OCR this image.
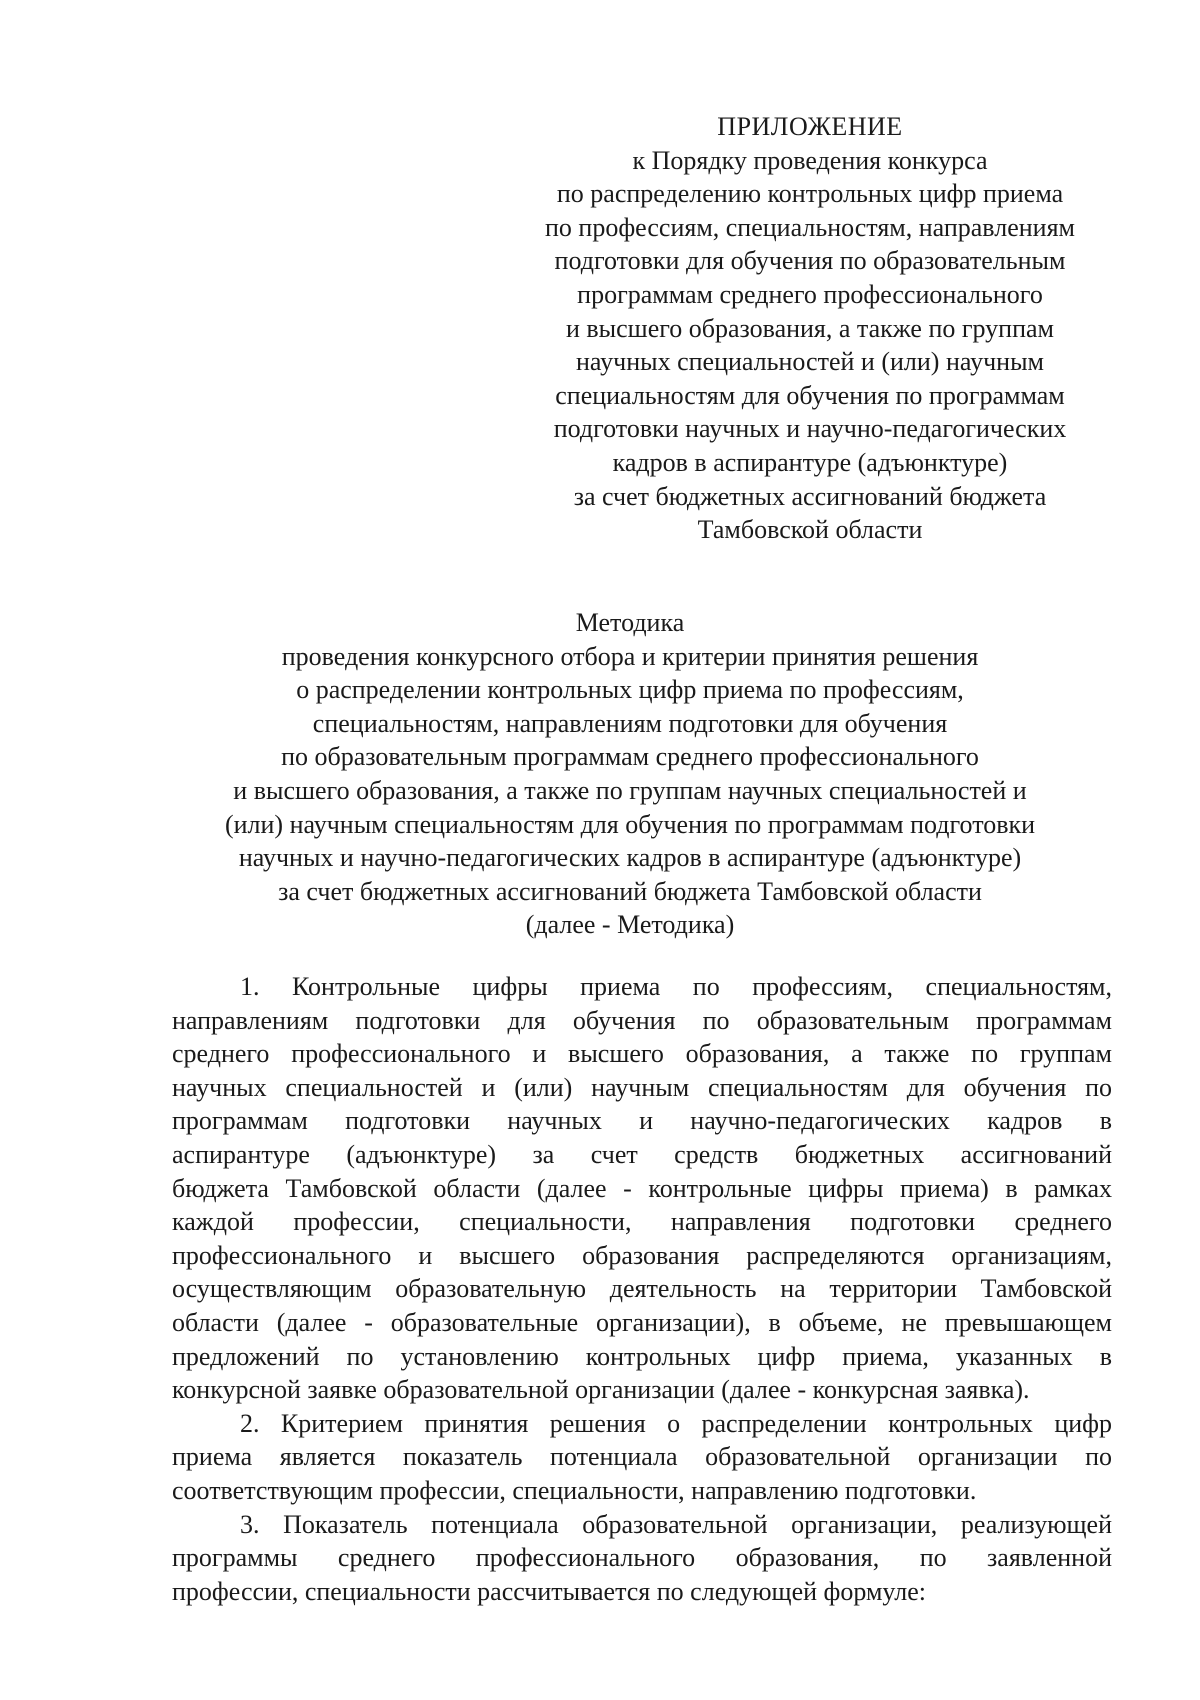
ПРИЛОЖЕНИЕ
к Порядку проведения конкурса
по распределению контрольных цифр приема
по профессиям, специальностям, направлениям
подготовки для обучения по образовательным
программам среднего профессионального
и высшего образования, а также по группам
научных специальностей и (или) научным
специальностям для обучения по программам
подготовки научных и научно-педагогических
кадров в аспирантуре (адъюнктуре)
за счет бюджетных ассигнований бюджета
Тамбовской области
Методика
проведения конкурсного отбора и критерии принятия решения
о распределении контрольных цифр приема по профессиям,
специальностям, направлениям подготовки для обучения
по образовательным программам среднего профессионального
и высшего образования, а также по группам научных специальностей и
(или) научным специальностям для обучения по программам подготовки
научных и научно-педагогических кадров в аспирантуре (адъюнктуре)
за счет бюджетных ассигнований бюджета Тамбовской области
(далее - Методика)
1. Контрольные цифры приема по профессиям, специальностям,
направлениям подготовки для обучения по образовательным программам
среднего профессионального и высшего образования, а также по группам
научных специальностей и (или) научным специальностям для обучения по
программам подготовки научных и научно-педагогических кадров в
аспирантуре (адъюнктуре) за счет средств бюджетных ассигнований
бюджета Тамбовской области (далее - контрольные цифры приема) в рамках
каждой профессии, специальности, направления подготовки среднего
профессионального и высшего образования распределяются организациям,
осуществляющим образовательную деятельность на территории Тамбовской
области (далее - образовательные организации), в объеме, не превышающем
предложений по установлению контрольных цифр приема, указанных в
конкурсной заявке образовательной организации (далее - конкурсная заявка).
2. Критерием принятия решения о распределении контрольных цифр
приема является показатель потенциала образовательной организации по
соответствующим профессии, специальности, направлению подготовки.
3. Показатель потенциала образовательной организации, реализующей
программы среднего профессионального образования, по заявленной
профессии, специальности рассчитывается по следующей формуле:
